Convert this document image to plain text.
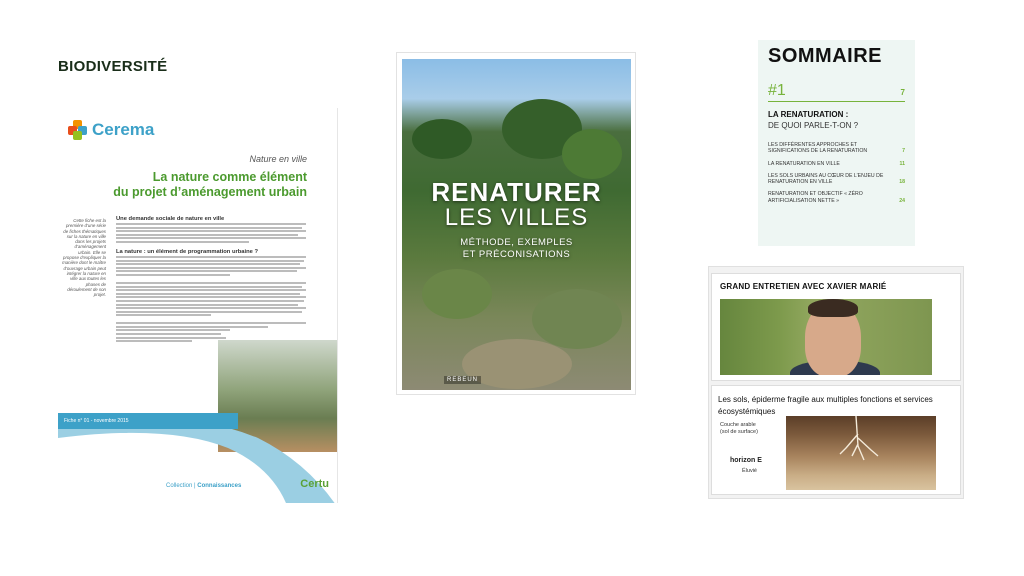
BIODIVERSITÉ
Cerema
Nature en ville
La nature comme élément
du projet d’aménagement urbain
Cette fiche est la première d’une série de fiches thématiques sur la nature en ville dans les projets d’aménagement urbain. Elle se propose d’expliquer la manière dont le maître d’ouvrage urbain peut intégrer la nature en ville aux toutes les phases de déroulement de son projet.
Une demande sociale de nature en ville
La nature : un élément de programmation urbaine ?
Fiche n° 01 - novembre 2015
Collection | Connaissances	Certu
RENATURER
LES VILLES
MÉTHODE, EXEMPLES
ET PRÉCONISATIONS
REBEUN
SOMMAIRE
#1	7
LA RENATURATION :
DE QUOI PARLE-T-ON ?
LES DIFFÉRENTES APPROCHES ET SIGNIFICATIONS DE LA RENATURATION	7
LA RENATURATION EN VILLE	11
LES SOLS URBAINS AU CŒUR DE L’ENJEU DE RENATURATION EN VILLE	18
RENATURATION ET OBJECTIF « ZÉRO ARTIFICIALISATION NETTE »	24
GRAND ENTRETIEN AVEC XAVIER MARIÉ
Les sols, épiderme fragile aux multiples fonctions et services écosystémiques
Couche arable
(sol de surface)
horizon E
Éluvié
